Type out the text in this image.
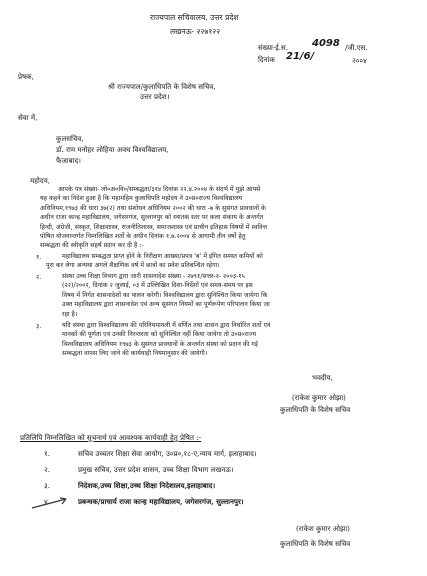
राज्यपाल सचिवालय, उत्तर प्रदेश
लखनऊ- २२७१२२
संख्या-ई.स. 4098 /जी.एस.
दिनांक 21/6/	२००४
प्रेषक,
श्री राज्यपाल/कुलाधिपति के विशेष सचिव,
उत्तर प्रदेश।
सेवा में,
कुलसचिव,
डॉ. राम मनोहर लोहिया अवध विश्वविद्यालय,
फैजाबाद।
महोदय,
आपके पत्र संख्या- लो०अ०वि०/सम्बद्धता/३१४ दिनांक २२.४.२००४ के संदर्भ में मुझे आपसे
यह कहने का निदेश हुआ है कि महामहिम कुलाधिपति महोदय ने उ०प्र०राज्य विश्वविद्यालय
अधिनियम,१९७३ की धारा ३७(२) तथा संशोधन अधिनियम २००२ की धारा -७ के सुसंगत प्रावधानों के
अधीन राजा कान्ह महाविद्यालय, जगेसरगंज, सुल्तानपुर को स्नातक स्तर पर कला संकाय के अन्तर्गत
हिन्दी, अंग्रेजी, संस्कृत, शिक्षाशास्त्र, राजनीतिशास्त्र, समाजशास्त्र एवं प्राचीन इतिहास विषयों में स्ववित्त
पोषित योजनान्तर्गत निम्नलिखित शर्तो के अधीन दिनांक १.७.२००४ से आगामी तीन वर्षो हेतु
सम्बद्धता की स्वीकृति सहर्ष प्रदान कर दी है :-
१.	महाविद्यालय सम्बद्धता प्राप्त होने के निरीक्षण आख्या/प्रपत्र 'ब' में इंगित समस्त कमियों को
पूरा कर लेगा अन्यथा अगले शैक्षणिक वर्ष में छात्रों का प्रवेश प्रतिबन्धित रहेगा।
२.	संस्था उच्च शिक्षा विभाग द्वारा जारी शासनादेश संख्या - २७९१/सत्तर-२- २००३-१५
(२२)/२००२, दिनांक २ जुलाई, ०३ में उल्लिखित दिशा-निर्देशों एवं समय-समय पर इस
विषय में निर्गत शासनादेशों का पालन करेगी। विश्वविद्यालय द्वारा सुनिश्चित किया जायेगा कि
उक्त महाविद्यालय द्वारा शासनादेश एवं अन्य सुसंगत नियमों का पूर्णरूपेण परिपालन किया जा
रहा है।
३.	यदि संस्था द्वारा विश्वविद्यालय की परिनियमावली में वर्णित तथा शासन द्वारा निर्धारित शर्तो एवं
मानकों की पूर्णता एवं उनकी निरन्तरता को सुनिश्चित नहीं किया जायेगा तो उ०प्र०राज्य
विश्वविद्यालय अधिनियम १९७३ के सुसंगत प्रावधानों के अन्तर्गत संस्था को प्रदान की गई
सम्बद्धता वापस लिए जाने की कार्यवाही नियमानुसार की जायेगी।
भवदीय,
(राकेश कुमार ओझा)
कुलाधिपति के विशेष सचिव
प्रतिलिपि निम्नलिखित को सूचनार्थ एवं आवश्यक कार्यवाही हेतु प्रेषित :-
१.	सचिव उच्चतर शिक्षा सेवा आयोग, उ०प्र०,१८-ए,न्याय मार्ग, इलाहाबाद।
२.	प्रमुख सचिव, उत्तर प्रदेश शासन, उच्च शिक्षा विभाग लखनऊ।
३.	निदेशक,उच्च शिक्षा,उच्च शिक्षा निदेशालय,इलाहाबाद।
४.	प्रबन्धक/प्राचार्य राजा कान्ह महाविद्यालय, जगेसरगंज, सुल्तानपुर।
(राकेश कुमार ओझा)
कुलाधिपति के विशेष सचिव
